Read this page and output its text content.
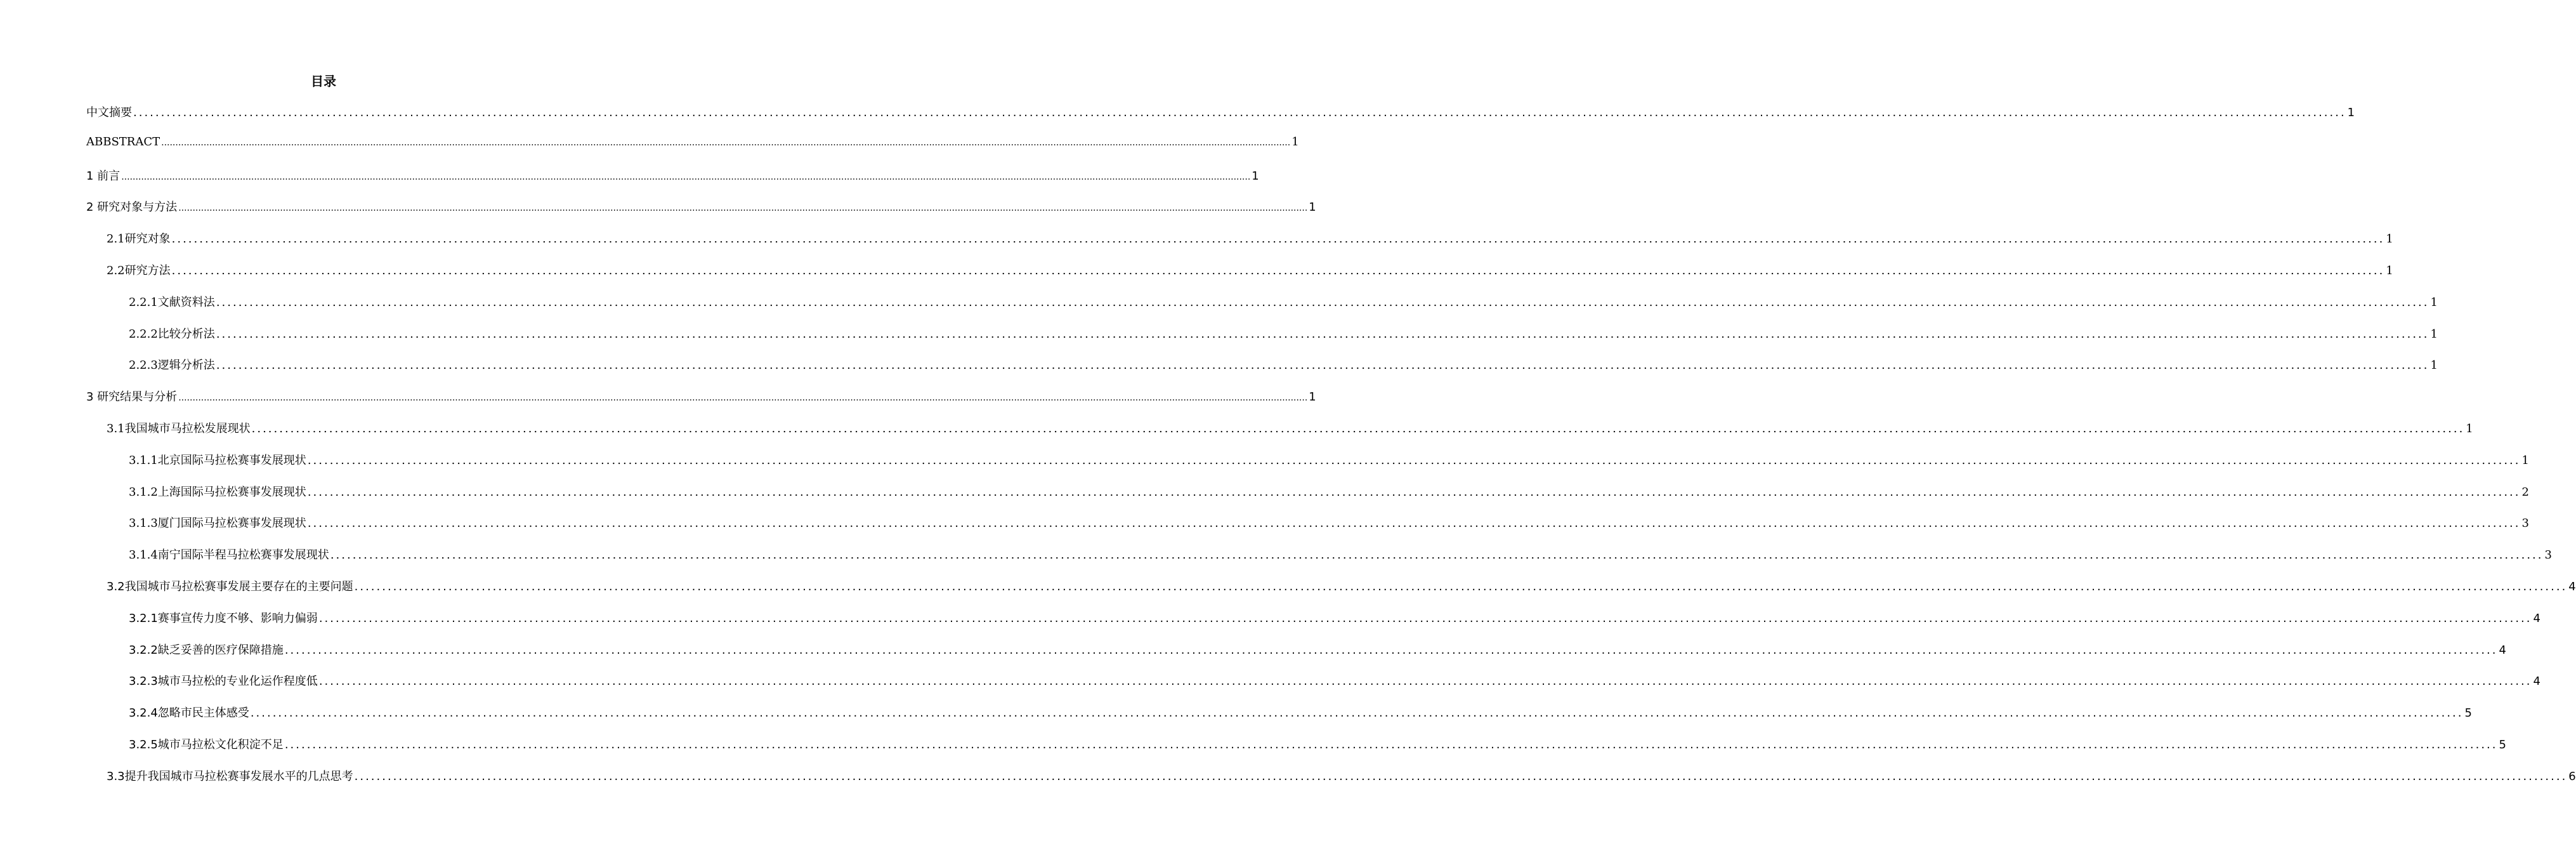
目录
中文摘要 ................................................................................................................................................................................................................................................................................................................................................................................................................ 1
ABBSTRACT ................................................................................................................................................................................................................................................................................................................................................................................................................ 1
1 前言 ................................................................................................................................................................................................................................................................................................................................................................................................................ 1
2 研究对象与方法 ................................................................................................................................................................................................................................................................................................................................................................................................................ 1
2.1研究对象 ................................................................................................................................................................................................................................................................................................................................................................................................................ 1
2.2研究方法 ................................................................................................................................................................................................................................................................................................................................................................................................................ 1
2.2.1文献资料法 ................................................................................................................................................................................................................................................................................................................................................................................................................ 1
2.2.2比较分析法 ................................................................................................................................................................................................................................................................................................................................................................................................................ 1
2.2.3逻辑分析法 ................................................................................................................................................................................................................................................................................................................................................................................................................ 1
3 研究结果与分析 ................................................................................................................................................................................................................................................................................................................................................................................................................ 1
3.1我国城市马拉松发展现状 ................................................................................................................................................................................................................................................................................................................................................................................................................ 1
3.1.1北京国际马拉松赛事发展现状 ................................................................................................................................................................................................................................................................................................................................................................................................................ 1
3.1.2上海国际马拉松赛事发展现状 ................................................................................................................................................................................................................................................................................................................................................................................................................ 2
3.1.3厦门国际马拉松赛事发展现状 ................................................................................................................................................................................................................................................................................................................................................................................................................ 3
3.1.4南宁国际半程马拉松赛事发展现状 ................................................................................................................................................................................................................................................................................................................................................................................................................ 3
3.2我国城市马拉松赛事发展主要存在的主要问题 ................................................................................................................................................................................................................................................................................................................................................................................................................ 4
3.2.1赛事宣传力度不够、影响力偏弱 ................................................................................................................................................................................................................................................................................................................................................................................................................ 4
3.2.2缺乏妥善的医疗保障措施 ................................................................................................................................................................................................................................................................................................................................................................................................................ 4
3.2.3城市马拉松的专业化运作程度低 ................................................................................................................................................................................................................................................................................................................................................................................................................ 4
3.2.4忽略市民主体感受 ................................................................................................................................................................................................................................................................................................................................................................................................................ 5
3.2.5城市马拉松文化积淀不足 ................................................................................................................................................................................................................................................................................................................................................................................................................ 5
3.3提升我国城市马拉松赛事发展水平的几点思考 ................................................................................................................................................................................................................................................................................................................................................................................................................ 6
